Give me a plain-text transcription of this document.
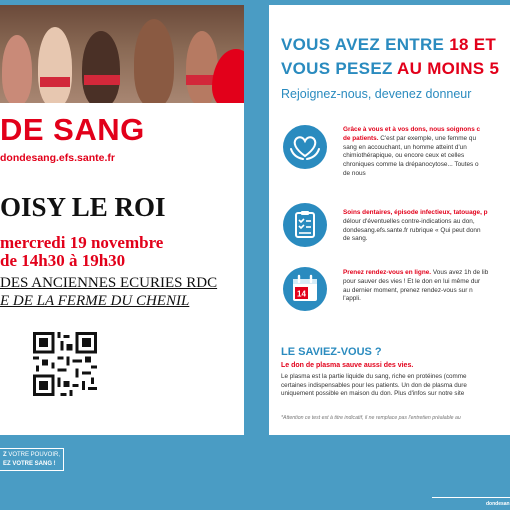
DE SANG
dondesang.efs.sante.fr
OISY LE ROI
mercredi 19 novembre
de 14h30 à 19h30
DES ANCIENNES ECURIES RDC
E DE LA FERME DU CHENIL
Z VOTRE POUVOIR,
EZ VOTRE SANG !
VOUS AVEZ ENTRE 18 ET
VOUS PESEZ AU MOINS 5
Rejoignez-nous, devenez donneur
Grâce à vous et à vos dons, nous soignons c
de patients. C'est par exemple, une femme qu
sang en accouchant, un homme atteint d'un
chimiothérapique, ou encore ceux et celles
chroniques comme la drépanocytose... Toutes o
de nous
Soins dentaires, épisode infectieux, tatouage, p
délour d'éventuelles contre-indications au don,
dondesang.efs.sante.fr rubrique « Qui peut donn
de sang.
14
Prenez rendez-vous en ligne. Vous avez 1h de lib
pour sauver des vies ! Et le don en lui même dur
au dernier moment, prenez rendez-vous sur n
l'appli.
LE SAVIEZ-VOUS ?
Le don de plasma sauve aussi des vies.
Le plasma est la partie liquide du sang, riche en protéines (comme
certaines indispensables pour les patients. Un don de plasma dure
uniquement possible en maison du don. Plus d'infos sur notre site
*Attention ce test est à titre indicatif, il ne remplace pas l'entretien préalable au
dondesan
